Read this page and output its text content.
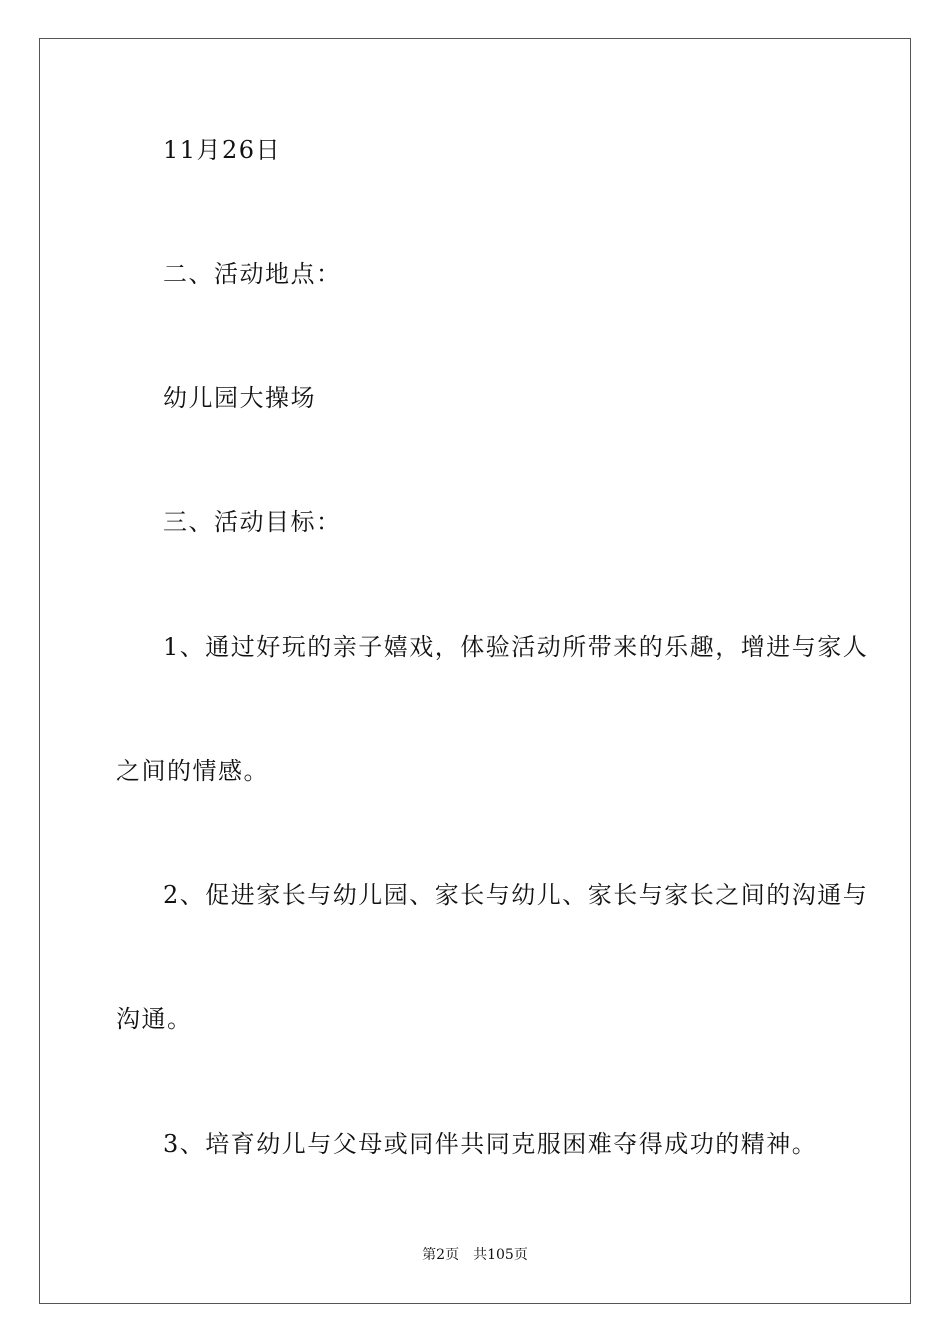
11月26日
二、活动地点：
幼儿园大操场
三、活动目标：
1、通过好玩的亲子嬉戏，体验活动所带来的乐趣，增进与家人
之间的情感。
2、促进家长与幼儿园、家长与幼儿、家长与家长之间的沟通与
沟通。
3、培育幼儿与父母或同伴共同克服困难夺得成功的精神。
第2页 共105页
